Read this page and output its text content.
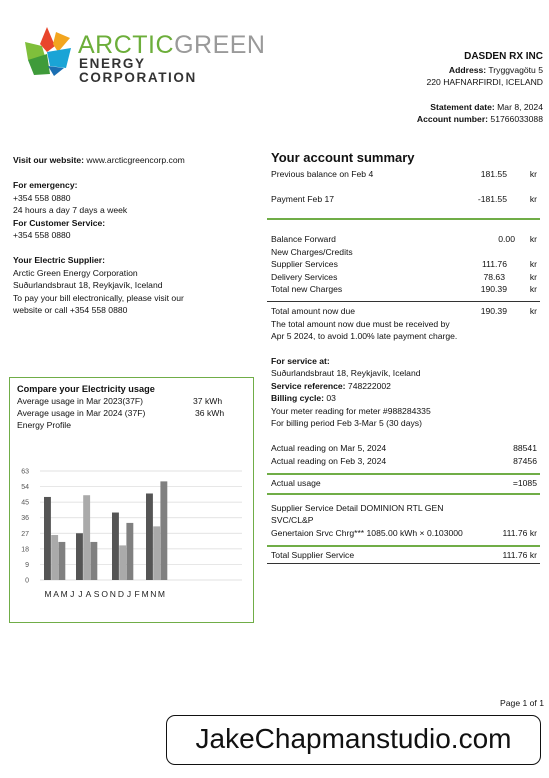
ARCTICGREEN
ENERGY CORPORATION
DASDEN RX INC
Address: Tryggvagötu 5
220 HAFNARFIRDI, ICELAND
Statement date: Mar 8, 2024
Account number: 51766033088
Visit our website: www.arcticgreencorp.com
For emergency:
+354 558 0880
24 hours a day 7 days a week
For Customer Service:
+354 558 0880
Your Electric Supplier:
Arctic Green Energy Corporation
Suðurlandsbraut 18, Reykjavík, Iceland
To pay your bill electronically, please visit our
website or call +354 558 0880
Your account summary
Previous balance on Feb 4	181.55	kr
Payment Feb 17	-181.55	kr
Balance Forward	0.00 kr
New Charges/Credits
Supplier Services	111.76	kr
Delivery Services	78.63	kr
Total new Charges	190.39	kr
Total amount now due	190.39	kr
The total amount now due must be received by
Apr 5 2024, to avoid 1.00% late payment charge.
For service at:
Suðurlandsbraut 18, Reykjavík, Iceland
Service reference: 748222002
Billing cycle: 03
Your meter reading for meter #988284335
For billing period Feb 3-Mar 5 (30 days)
Actual reading on Mar 5, 2024	88541
Actual reading on Feb 3, 2024	87456
Actual usage	=1085
Supplier Service Detail DOMINION RTL GEN
SVC/CL&P
Genertaion Srvc Chrg*** 1085.00 kWh × 0.103000	111.76 kr
Total Supplier Service	111.76 kr
Compare your Electricity usage
Average usage in Mar 2023(37F)	37 kWh
Average usage in Mar 2024 (37F)	36 kWh
Energy Profile
0
9
18
27
36
45
54
63
M A M J J A S O N D J F M N M
Page 1 of 1
JakeChapmanstudio.com
